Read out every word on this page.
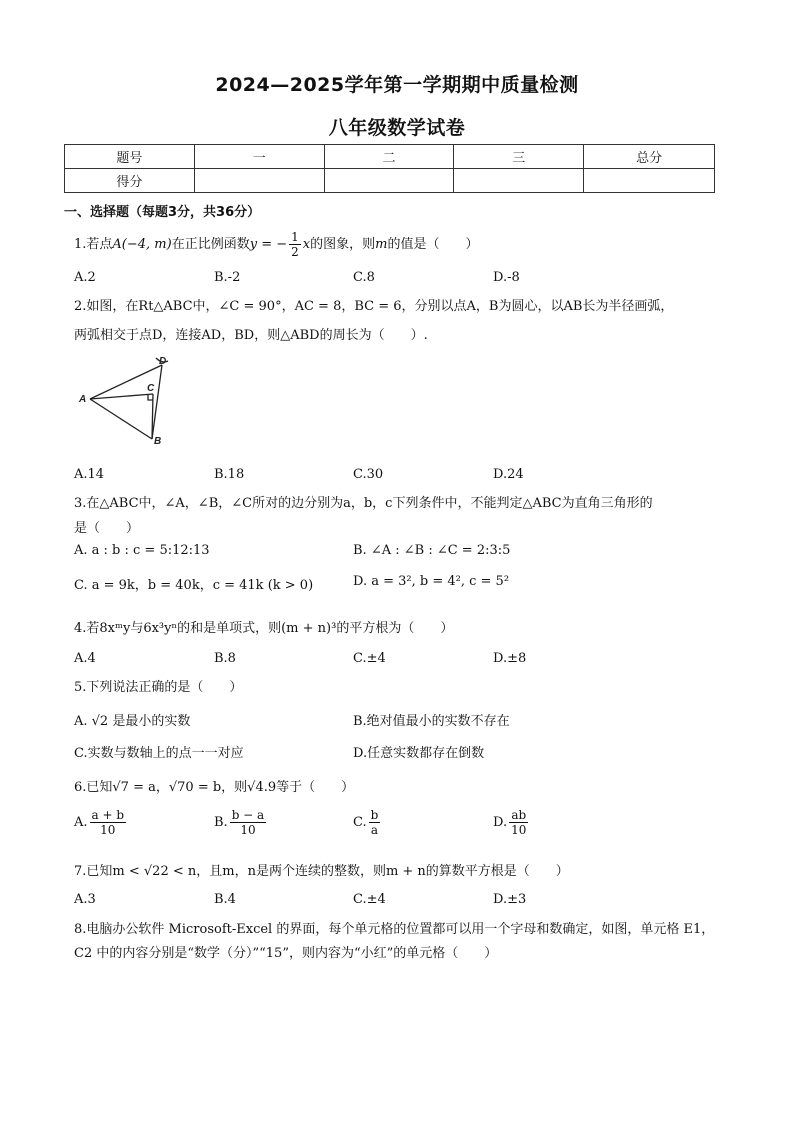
2024—2025学年第一学期期中质量检测
八年级数学试卷
题号	一	二	三	总分
得分				
一、选择题（每题3分，共36分）
1.若点A(−4, m)在正比例函数y = − $\frac{1}{2}$ x的图象，则m的值是（　　）
A.2	B.-2	C.8	D.-8
2.如图，在Rt△ABC中，∠C = 90°，AC = 8，BC = 6，分别以点A，B为圆心，以AB长为半径画弧，
两弧相交于点D，连接AD，BD，则△ABD的周长为（　　）.
A
B
C
D
A.14	B.18	C.30	D.24
3.在△ABC中，∠A，∠B，∠C所对的边分别为a，b，c下列条件中，不能判定△ABC为直角三角形的
是（　　）
A. a : b : c = 5:12:13	B. ∠A : ∠B : ∠C = 2:3:5
C. a = 9k，b = 40k，c = 41k (k > 0)	D. a = 3², b = 4², c = 5²
4.若8xᵐy与6x³yⁿ的和是单项式，则(m + n)³的平方根为（　　）
A.4	B.8	C.±4	D.±8
5.下列说法正确的是（　　）
A. √2 是最小的实数	B.绝对值最小的实数不存在
C.实数与数轴上的点一一对应	D.任意实数都存在倒数
6.已知√7 = a，√70 = b，则√4.9等于（　　）
A. $\frac{a + b}{10}$	B. $\frac{b - a}{10}$	C. $\frac{b}{a}$	D. $\frac{ab}{10}$
7.已知m < √22 < n，且m，n是两个连续的整数，则m + n的算数平方根是（　　）
A.3	B.4	C.±4	D.±3
8.电脑办公软件 Microsoft-Excel 的界面，每个单元格的位置都可以用一个字母和数确定，如图，单元格 E1，
C2 中的内容分别是“数学（分）”“15”，则内容为“小红”的单元格（　　）
